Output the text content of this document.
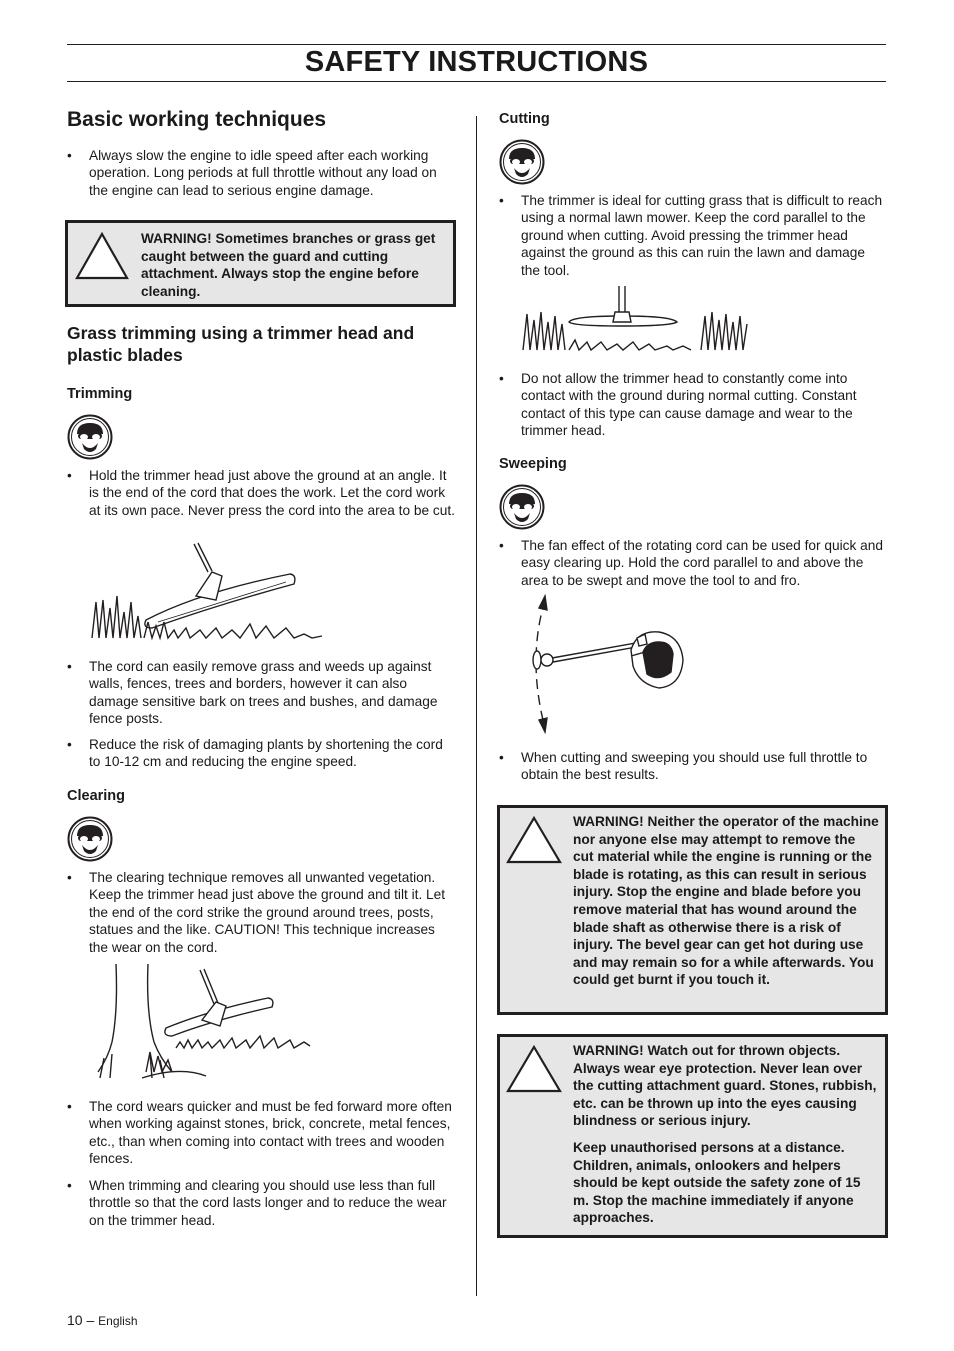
SAFETY INSTRUCTIONS
Basic working techniques
•	Always slow the engine to idle speed after each working operation. Long periods at full throttle without any load on the engine can lead to serious engine damage.
WARNING! Sometimes branches or grass get caught between the guard and cutting attachment. Always stop the engine before cleaning.
Grass trimming using a trimmer head and plastic blades
Trimming
•	Hold the trimmer head just above the ground at an angle. It is the end of the cord that does the work. Let the cord work at its own pace. Never press the cord into the area to be cut.
•	The cord can easily remove grass and weeds up against walls, fences, trees and borders, however it can also damage sensitive bark on trees and bushes, and damage fence posts.
•	Reduce the risk of damaging plants by shortening the cord to 10-12 cm and reducing the engine speed.
Clearing
•	The clearing technique removes all unwanted vegetation. Keep the trimmer head just above the ground and tilt it. Let the end of the cord strike the ground around trees, posts, statues and the like. CAUTION! This technique increases the wear on the cord.
•	The cord wears quicker and must be fed forward more often when working against stones, brick, concrete, metal fences, etc., than when coming into contact with trees and wooden fences.
•	When trimming and clearing you should use less than full throttle so that the cord lasts longer and to reduce the wear on the trimmer head.
Cutting
•	The trimmer is ideal for cutting grass that is difficult to reach using a normal lawn mower. Keep the cord parallel to the ground when cutting. Avoid pressing the trimmer head against the ground as this can ruin the lawn and damage the tool.
•	Do not allow the trimmer head to constantly come into contact with the ground during normal cutting. Constant contact of this type can cause damage and wear to the trimmer head.
Sweeping
•	The fan effect of the rotating cord can be used for quick and easy clearing up. Hold the cord parallel to and above the area to be swept and move the tool to and fro.
•	When cutting and sweeping you should use full throttle to obtain the best results.
WARNING! Neither the operator of the machine nor anyone else may attempt to remove the cut material while the engine is running or the blade is rotating, as this can result in serious injury. Stop the engine and blade before you remove material that has wound around the blade shaft as otherwise there is a risk of injury. The bevel gear can get hot during use and may remain so for a while afterwards. You could get burnt if you touch it.

WARNING! Watch out for thrown objects. Always wear eye protection. Never lean over the cutting attachment guard. Stones, rubbish, etc. can be thrown up into the eyes causing blindness or serious injury.

Keep unauthorised persons at a distance. Children, animals, onlookers and helpers should be kept outside the safety zone of 15 m. Stop the machine immediately if anyone approaches.

10 – English
